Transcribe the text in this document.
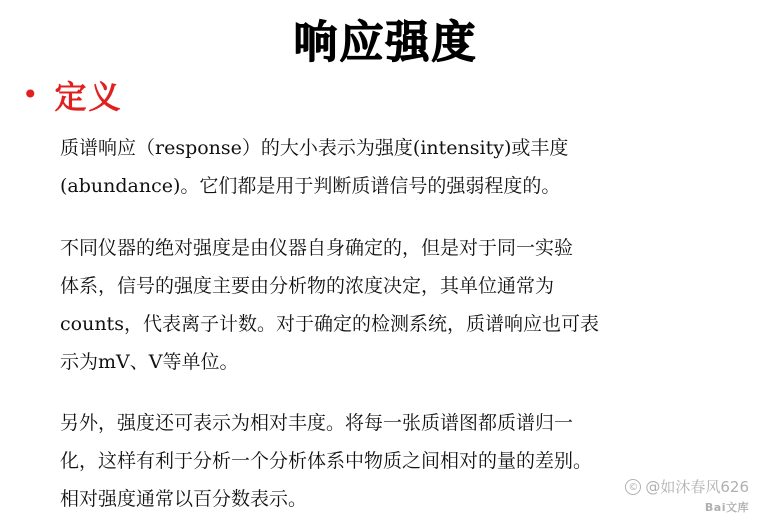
响应强度
• 定义

质谱响应（response）的大小表示为强度(intensity)或丰度
(abundance)。它们都是用于判断质谱信号的强弱程度的。

不同仪器的绝对强度是由仪器自身确定的，但是对于同一实验
体系，信号的强度主要由分析物的浓度决定，其单位通常为
counts，代表离子计数。对于确定的检测系统，质谱响应也可表
示为mV、V等单位。

另外，强度还可表示为相对丰度。将每一张质谱图都质谱归一
化，这样有利于分析一个分析体系中物质之间相对的量的差别。
相对强度通常以百分数表示。

© @如沐春风626
Bai文库
